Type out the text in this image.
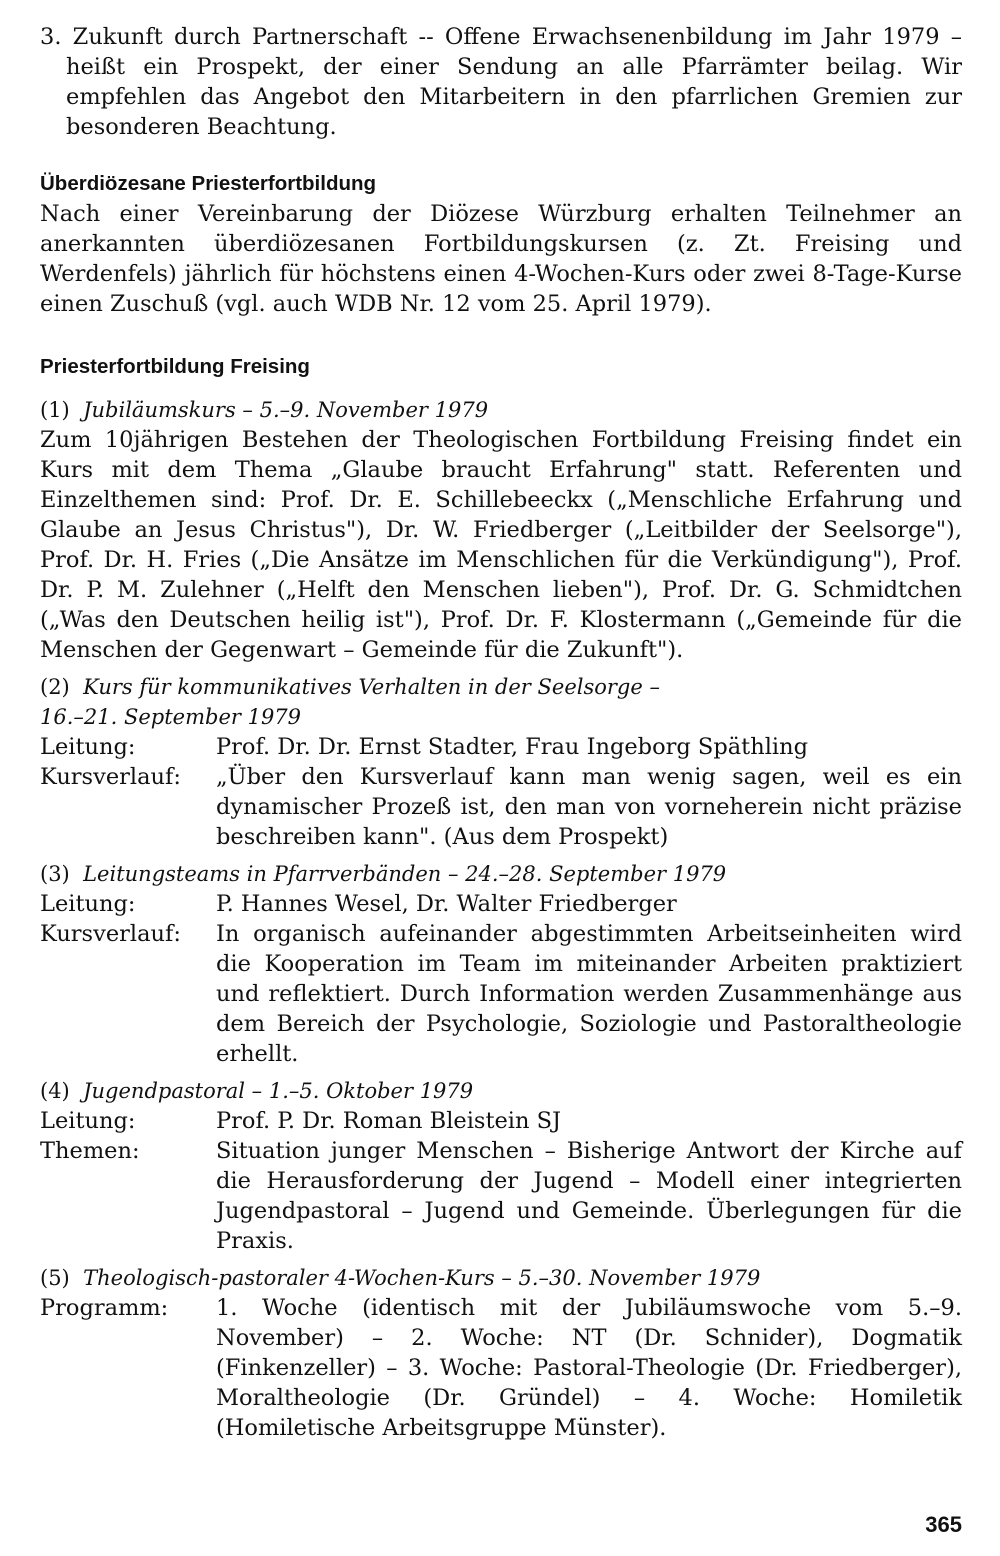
3. Zukunft durch Partnerschaft -- Offene Erwachsenenbildung im Jahr 1979 – heißt ein Prospekt, der einer Sendung an alle Pfarrämter beilag. Wir empfehlen das Angebot den Mitarbeitern in den pfarrlichen Gremien zur besonderen Beachtung.
Überdiözesane Priesterfortbildung
Nach einer Vereinbarung der Diözese Würzburg erhalten Teilnehmer an anerkannten überdiözesanen Fortbildungskursen (z. Zt. Freising und Werdenfels) jährlich für höchstens einen 4-Wochen-Kurs oder zwei 8-Tage-Kurse einen Zuschuß (vgl. auch WDB Nr. 12 vom 25. April 1979).
Priesterfortbildung Freising
(1) Jubiläumskurs – 5.–9. November 1979
Zum 10jährigen Bestehen der Theologischen Fortbildung Freising findet ein Kurs mit dem Thema „Glaube braucht Erfahrung" statt. Referenten und Einzelthemen sind: Prof. Dr. E. Schillebeeckx („Menschliche Erfahrung und Glaube an Jesus Christus"), Dr. W. Friedberger („Leitbilder der Seelsorge"), Prof. Dr. H. Fries („Die Ansätze im Menschlichen für die Verkündigung"), Prof. Dr. P. M. Zulehner („Helft den Menschen lieben"), Prof. Dr. G. Schmidtchen („Was den Deutschen heilig ist"), Prof. Dr. F. Klostermann („Gemeinde für die Menschen der Gegenwart – Gemeinde für die Zukunft").
(2) Kurs für kommunikatives Verhalten in der Seelsorge –
16.–21. September 1979
Leitung:	Prof. Dr. Dr. Ernst Stadter, Frau Ingeborg Späthling
Kursverlauf:	„Über den Kursverlauf kann man wenig sagen, weil es ein dynamischer Prozeß ist, den man von vorneherein nicht präzise beschreiben kann". (Aus dem Prospekt)
(3) Leitungsteams in Pfarrverbänden – 24.–28. September 1979
Leitung:	P. Hannes Wesel, Dr. Walter Friedberger
Kursverlauf:	In organisch aufeinander abgestimmten Arbeitseinheiten wird die Kooperation im Team im miteinander Arbeiten praktiziert und reflektiert. Durch Information werden Zusammenhänge aus dem Bereich der Psychologie, Soziologie und Pastoraltheologie erhellt.
(4) Jugendpastoral – 1.–5. Oktober 1979
Leitung:	Prof. P. Dr. Roman Bleistein SJ
Themen:	Situation junger Menschen – Bisherige Antwort der Kirche auf die Herausforderung der Jugend – Modell einer integrierten Jugendpastoral – Jugend und Gemeinde. Überlegungen für die Praxis.
(5) Theologisch-pastoraler 4-Wochen-Kurs – 5.–30. November 1979
Programm:	1. Woche (identisch mit der Jubiläumswoche vom 5.–9. November) – 2. Woche: NT (Dr. Schnider), Dogmatik (Finkenzeller) – 3. Woche: Pastoral-Theologie (Dr. Friedberger), Moraltheologie (Dr. Gründel) – 4. Woche: Homiletik (Homiletische Arbeitsgruppe Münster).
365
